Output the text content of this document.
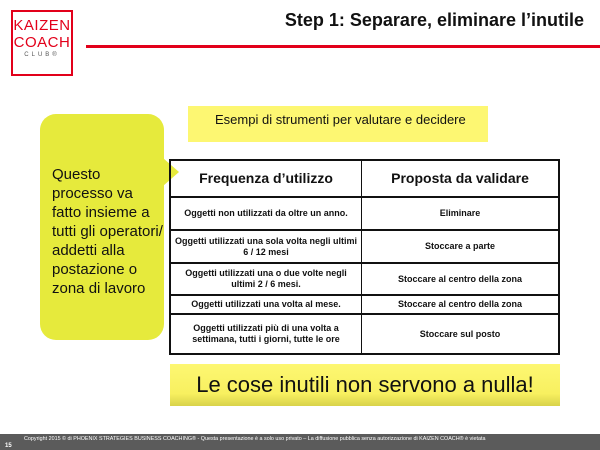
KAIZEN
COACH
CLUB®
Step 1: Separare, eliminare l’inutile
Esempi di strumenti per valutare e decidere
Questo processo va fatto insieme a tutti gli operatori/ addetti alla postazione o zona di lavoro
Frequenza d’utilizzo	Proposta da validare
Oggetti non utilizzati da oltre un anno.	Eliminare
Oggetti utilizzati una sola volta negli ultimi 6 / 12 mesi	Stoccare a parte
Oggetti utilizzati una o due volte negli ultimi 2 / 6 mesi.	Stoccare al centro della zona
Oggetti utilizzati una volta al mese.	Stoccare al centro della zona
Oggetti utilizzati più di una volta a settimana, tutti i giorni, tutte le ore	Stoccare sul posto
Le cose inutili non servono a nulla!
Copyright 2015 © di PHOENIX STRATEGIES BUSINESS COACHING® - Questa presentazione è a solo uso privato – La diffusione pubblica senza autorizzazione di KAIZEN COACH® è vietata
15
